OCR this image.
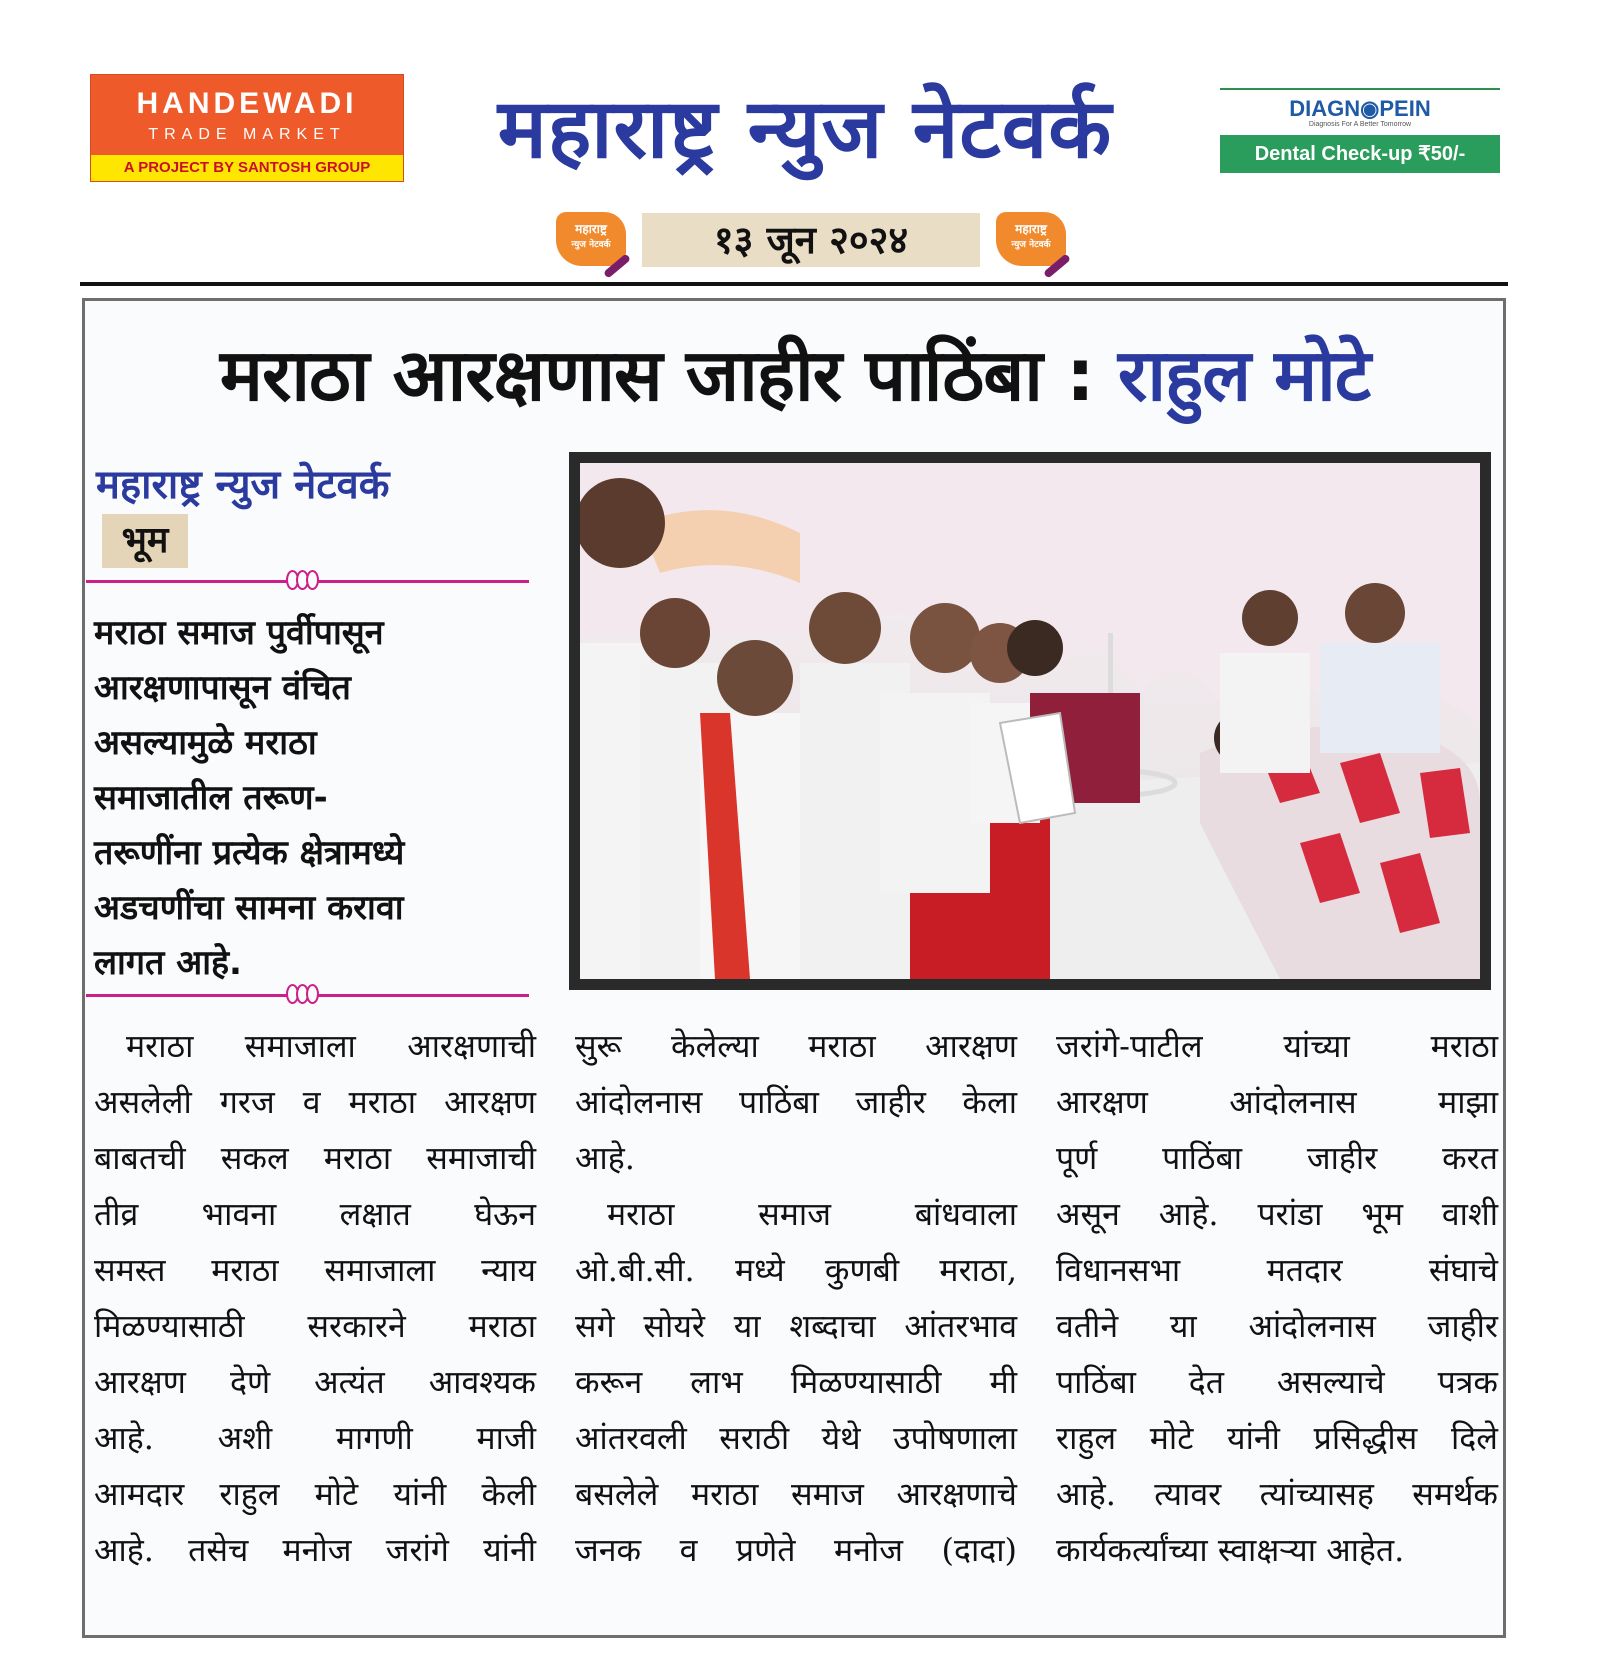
HANDEWADI
TRADE MARKET
A PROJECT BY SANTOSH GROUP	महाराष्ट्र न्युज नेटवर्क	DIAGN◉PEIN
Diagnosis For A Better Tomorrow
Dental Check-up ₹50/-
महाराष्ट्र
न्युज नेटवर्क	१३ जून २०२४	महाराष्ट्र
न्युज नेटवर्क
मराठा आरक्षणास जाहीर पाठिंबा : राहुल मोटे
महाराष्ट्र न्युज नेटवर्क
भूम

मराठा समाज पुर्वीपासून

आरक्षणापासून वंचित

असल्यामुळे मराठा

समाजातील तरूण-

तरूणींना प्रत्येक क्षेत्रामध्ये

अडचणींचा सामना करावा

लागत आहे.

मराठा समाजाला आरक्षणाची

असलेली गरज व मराठा आरक्षण

बाबतची सकल मराठा समाजाची

तीव्र भावना लक्षात घेऊन

समस्त मराठा समाजाला न्याय

मिळण्यासाठी सरकारने मराठा

आरक्षण देणे अत्यंत आवश्यक

आहे. अशी मागणी माजी

आमदार राहुल मोटे यांनी केली

आहे. तसेच मनोज जरांगे यांनी

सुरू केलेल्या मराठा आरक्षण

आंदोलनास पाठिंबा जाहीर केला

आहे.

मराठा समाज बांधवाला

ओ.बी.सी. मध्ये कुणबी मराठा,

सगे सोयरे या शब्दाचा आंतरभाव

करून लाभ मिळण्यासाठी मी

आंतरवली सराठी येथे उपोषणाला

बसलेले मराठा समाज आरक्षणाचे

जनक व प्रणेते मनोज (दादा)

जरांगे-पाटील यांच्या मराठा

आरक्षण आंदोलनास माझा

पूर्ण पाठिंबा जाहीर करत

असून आहे. परांडा भूम वाशी

विधानसभा मतदार संघाचे

वतीने या आंदोलनास जाहीर

पाठिंबा देत असल्याचे पत्रक

राहुल मोटे यांनी प्रसिद्धीस दिले

आहे. त्यावर त्यांच्यासह समर्थक

कार्यकर्त्यांच्या स्वाक्षऱ्या आहेत.
